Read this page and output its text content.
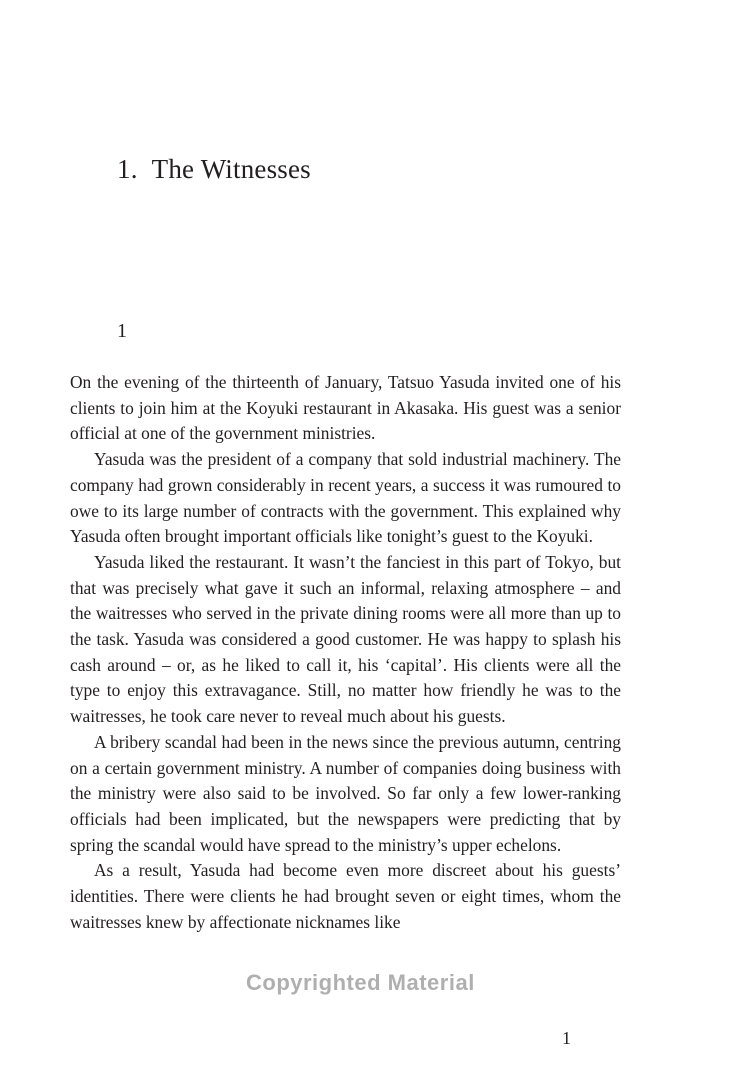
1. The Witnesses
1

On the evening of the thirteenth of January, Tatsuo Yasuda invited one of his clients to join him at the Koyuki restaurant in Akasaka. His guest was a senior official at one of the government ministries.

Yasuda was the president of a company that sold industrial machinery. The company had grown considerably in recent years, a success it was rumoured to owe to its large number of contracts with the government. This explained why Yasuda often brought important officials like tonight’s guest to the Koyuki.

Yasuda liked the restaurant. It wasn’t the fanciest in this part of Tokyo, but that was precisely what gave it such an informal, relaxing atmosphere – and the waitresses who served in the private dining rooms were all more than up to the task. Yasuda was considered a good customer. He was happy to splash his cash around – or, as he liked to call it, his ‘capital’. His clients were all the type to enjoy this extravagance. Still, no matter how friendly he was to the waitresses, he took care never to reveal much about his guests.

A bribery scandal had been in the news since the previous autumn, centring on a certain government ministry. A number of companies doing business with the ministry were also said to be involved. So far only a few lower-ranking officials had been implicated, but the newspapers were predicting that by spring the scandal would have spread to the ministry’s upper echelons.

As a result, Yasuda had become even more discreet about his guests’ identities. There were clients he had brought seven or eight times, whom the waitresses knew by affectionate nicknames like

Copyrighted Material
1
